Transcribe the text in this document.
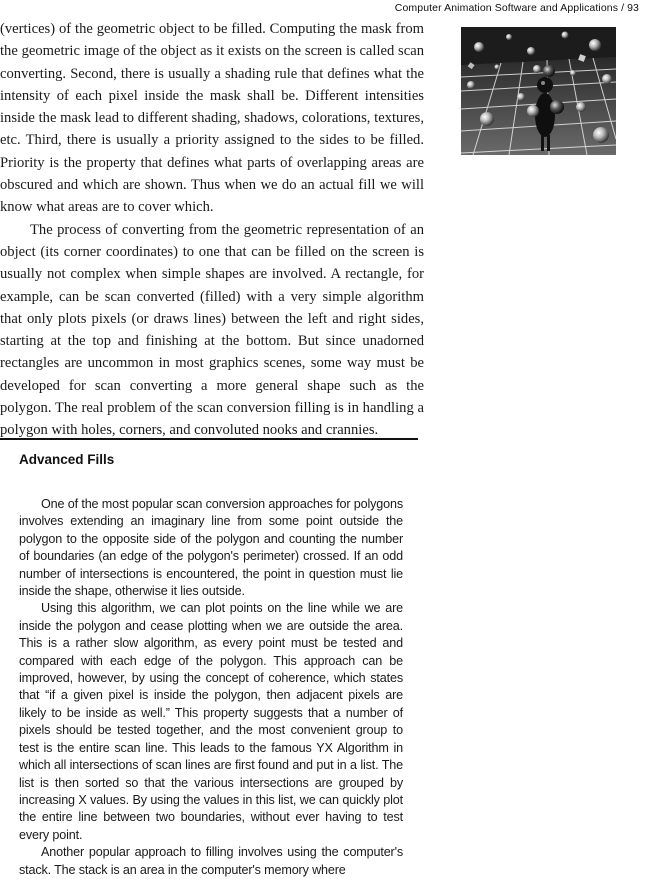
Computer Animation Software and Applications / 93

(vertices) of the geometric object to be filled. Computing the mask from the geometric image of the object as it exists on the screen is called scan converting. Second, there is usually a shading rule that defines what the intensity of each pixel inside the mask shall be. Different intensities inside the mask lead to different shading, shadows, colorations, textures, etc. Third, there is usually a priority assigned to the sides to be filled. Priority is the property that defines what parts of overlapping areas are obscured and which are shown. Thus when we do an actual fill we will know what areas are to cover which.

The process of converting from the geometric representation of an object (its corner coordinates) to one that can be filled on the screen is usually not complex when simple shapes are involved. A rectangle, for example, can be scan converted (filled) with a very simple algorithm that only plots pixels (or draws lines) between the left and right sides, starting at the top and finishing at the bottom. But since unadorned rectangles are uncommon in most graphics scenes, some way must be developed for scan converting a more general shape such as the polygon. The real problem of the scan conversion filling is in handling a polygon with holes, corners, and convoluted nooks and crannies.

Advanced Fills

One of the most popular scan conversion approaches for polygons involves extending an imaginary line from some point outside the polygon to the opposite side of the polygon and counting the number of boundaries (an edge of the polygon's perimeter) crossed. If an odd number of intersections is encountered, the point in question must lie inside the shape, otherwise it lies outside.

Using this algorithm, we can plot points on the line while we are inside the polygon and cease plotting when we are outside the area. This is a rather slow algorithm, as every point must be tested and compared with each edge of the polygon. This approach can be improved, however, by using the concept of coherence, which states that “if a given pixel is inside the polygon, then adjacent pixels are likely to be inside as well.” This property suggests that a number of pixels should be tested together, and the most convenient group to test is the entire scan line. This leads to the famous YX Algorithm in which all intersections of scan lines are first found and put in a list. The list is then sorted so that the various intersections are grouped by increasing X values. By using the values in this list, we can quickly plot the entire line between two boundaries, without ever having to test every point.

Another popular approach to filling involves using the computer's stack. The stack is an area in the computer's memory where
